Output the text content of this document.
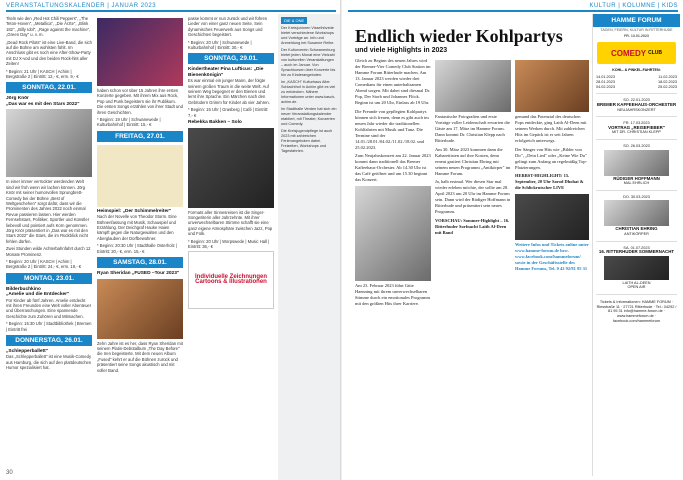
VERANSTALTUNGSKALENDER | JANUAR 2023

Titeln wie den „Red Hot Chili Peppers", „The Teton-Hoven", „Metallica", „Die Ärzte", „Blink 182", „Billy Idol", „Rage against the machine", „Green Day" u. v. m.

„Dead Rock Pilots" ist eine Live-Band, die sich auf die Bühne am wohlsten fühlt. Im Anschluss gibt es noch eine After-Show-Party mit DJ X-vod und den beiden Rock-hits aller Zeiten!

* Beginn: 21 Uhr | KASCH | Achim | Bergstraße 2 | Eintritt: 12,- €, erm. 9,- €

SONNTAG, 22.01.
Jörg Knör
„Das war es mit den Stars 2022"

In einer immer verrückter werdenden Welt sind wir froh wenn wir lachen können. Jörg Knör mit seiner humorvollen Sprungbrett-Comedy bei der Bühne „Best of Weltgeschehen" sorgt dafür, dass wir die Prominenten des Jahres 2022 noch einmal Revue passieren lassen. Hier werden Fernsehstars, Politiker, Sportler und Künstler liebevoll und pointiert aufs Korn genommen. Jörg Knör präsentiert in „Das war es mit den Stars 2022" die Stars, die im Rückblick nicht fehlen dürfen.

Zwei Stunden wilde Achterbahnfahrt durch 12 Monate Prominenz.

* Beginn: 20 Uhr | KASCH | Achim | Bergstraße 2 | Eintritt: 24,- €, erm. 19,- €

MONTAG, 23.01.
Bilderbuchkino
„Amelie und die Entdecker"

Für Kinder ab fünf Jahren. Amelie entdeckt mit ihren Freunden eine Welt voller Abenteuer und Überraschungen. Eine spannende Geschichte zum Zuhören und Mitmachen.

* Beginn: 15:30 Uhr | Stadtbibliothek | Bremen | Eintritt frei

DONNERSTAG, 26.01.
„Schlepperballett"

Das „Schlepperballett" ist eine Musik-Comedy aus Hamburg, die sich auf den plattdeutschen Humor spezialisiert hat.

haben schon vor über 15 Jahren ihre ersten Konzerte gegeben. Mit ihrem Mix aus Rock, Pop und Punk begeistern sie ihr Publikum. Die ersten Songs erzählen von ihrer Stadt und ihren Geschichten.

* Beginn: 19 Uhr | Schwanewede | Kulturbahnhof | Eintritt: 15,- €

FREITAG, 27.01.
Heimspiel: „Der Schimmelreiter"

Nach der Novelle von Theodor Storm. Eine Bühnenfassung mit Musik, Schauspiel und Erzählung. Der Deichgraf Hauke Haien kämpft gegen die Naturgewalten und den Aberglauben der Dorfbewohner.

* Beginn: 20:30 Uhr | Stadthalle Osterholz | Eintritt: 20,- €, erm. 15,- €

SAMSTAG, 28.01.
Ryan Sheridan „FUSED –Tour 2023"

Zehn Jahre ist es her, dass Ryan Sheridan mit seinem Platin-Debütalbum „The Day Before" die Iren begeisterte. Mit dem neuen Album „Fused" kehrt er auf die Bühnen zurück und präsentiert seine Songs akustisch und mit voller Band.

passe kommt er nun zurück und wir führen Lieder von einer ganz neuen Seite. Sein dynamisches Feuerwerk aus Songs und Geschichten begeistert.

* Beginn: 20 Uhr | Schwanewede | Kulturbahnhof | Eintritt: 30,- €

SONNTAG, 29.01.
Kindertheater Pina Lufticus: „Die Bienenkönigin"

Es war einmal ein junger Mann, der folgte seinem großen Traum in die weite Welt. Auf seinem Weg begegnet er den Bienen und lernt ihre Sprache. Ein Märchen nach den Gebrüdern Grimm für Kinder ab vier Jahren.

* Beginn: 15 Uhr | Grasberg | Café | Eintritt: 7,- €

Rebekka Bakken – Solo

Formats aller Sinnesreisen ist die Singer-Songwriterin aller Jahrzehnte. Mit ihrer unverwechselbaren Stimme schafft sie eine ganz eigene Atmosphäre zwischen Jazz, Pop und Folk.

* Beginn: 20 Uhr | Worpswede | Music Hall | Eintritt: 36,- €

Individuelle Zeichnungen Cartoons & Illustrationen
DIE & ONE

Der Kreisjunioren Visselhövede bietet verschiedene Workshops und Vorträge an. Info und Anmeldung bei Susanne Reibe.

Der Kulturverein Schwanenburg bietet jeden Monat eine Vielzahl von kulturellen Veranstaltungen – auch im Januar. Von Sprachkursen über Konzerte bis hin zu Kinderangeboten.

Im „KASCH" Kulturhaus Alter Schlachthof in Achim gibt es viel zu entdecken. Nähere Informationen unter www.kasch-achim.de.

Im Stadthalle Verden hat sich ein neuer Veranstaltungskalender etabliert, mit Theater, Konzerten und Comedy.

Die Kreisjugendpflege ist auch 2023 mit zahlreichen Ferienangeboten dabei. Freizeiten, Workshops und Tagesfahrten.

30
KULTUR | KOLUMNE | KIDS
Endlich wieder Kohlpartys
und viele Highlights in 2023

Gleich zu Beginn des neuen Jahres wird der Bremer-Vier Comedy Club Station im Hamme Forum Ritterhude machen. Am 13. Januar 2023 werden wieder drei Comedians für einen unterhaltsamen Abend sorgen. Mit dabei sind diesmal Dr. Pop, Der Storb und Johannes Flöck. Beginn ist um 20 Uhr, Einlass ab 19 Uhr.

Die Freunde von gepflegten Kohlpartys können sich freuen, denn es gibt auch im neuen Jahr wieder die traditionellen Kohlfahrten mit Musik und Tanz. Die Termine sind der 14.01./28.01./04.02./11.02./18.02. und 25.02.2023.

Zum Neujahrskonzert am 22. Januar 2023 kommt dann traditionell das Bremer Kaffeehaus-Orchester. Ab 14.30 Uhr ist das Café geöffnet und um 15.30 beginnt das Konzert.

Am 23. Februar 2023 führt Gitte Haenning mit ihrem unverwechselbaren Stimme durch ein emotionales Programm mit den größten Hits ihrer Karriere.

Fantastische Fotografien und erste Vorträge voller Leidenschaft erwarten die Gäste am 17. März im Hamme Forum. Dann kommt Dr. Christian Klepp nach Ritterhude.

Am 30. März 2023 kommen dann die Kabarettisten auf ihre Kosten, denn erneut gastiert Christian Ehring mit seinem neuen Programm „Antikörper" im Hamme Forum.

Ja, halb erstmal. Wer diesen Star mal wieder erleben möchte, der sollte am 28. April 2023 um 20 Uhr im Hamme Forum sein. Dann wird der Rüdiger Hoffmann in Ritterhude und präsentiert sein neues Programm.

VORSCHAU: Sommer-Highlight – 16. Ritterhuder Sorfnacht Laith Al-Deen mit Band

gemand das Potenzial des deutschen Pops entdeckte, ging Laith Al-Deen mit seinem Werken durch. Mit zahlreichen Hits im Gepäck ist er seit Jahren erfolgreich unterwegs.

Der Sänger von Hits wie „Bilder von Dir", „Dein Lied" oder „Keine Wie Du" gelingt zum Anfang an regelmäßig Top-Platzierungen.

HERBST-HIGHLIGHT: 15. September, 20 Uhr Sarod Dhohat & die Schlickrutscher LIVE

Weitere Infos und Tickets online unter www.hamme-forum.de bzw. www.facebook.com/hammeforum/ sowie in der Geschäftsstelle des Hamme Forums, Tel. 0 42 92/81 95 31

HAMME FORUM
TAGEN, FEIERN, KULTUR IN RITTERHUDE
FR. 13.01.2023
COMEDY CLUB
KOHL- & PINKEL-FAHRTEN:
14.01.2023	11.02.2023
28.01.2023	18.02.2023
04.02.2023	25.02.2023
SO. 22.01.2023
BREMER KAFFEEHAUS-ORCHESTER
NEUJAHRSKONZERT
FR. 17.03.2023
VORTRAG „REISEFIEBER"
MIT DR. CHRISTIAN KLEPP
SO. 26.03.2023
RÜDIGER HOFFMANN
MAL EHRLICH
DO. 30.03.2023
CHRISTIAN EHRING
ANTIKÖRPER
SA. 01.07.2023
16. RITTERHUDER SOMMERNACHT
LAITH AL-DEEN
OPEN AIR
Tickets & Informationen: HAMME FORUM · Riesstraße 11 · 27721 Ritterhude · Tel.: 04292 / 81 95 31 info@hamme-forum.de · www.hammeforum.de · facebook.com/hammeforum
